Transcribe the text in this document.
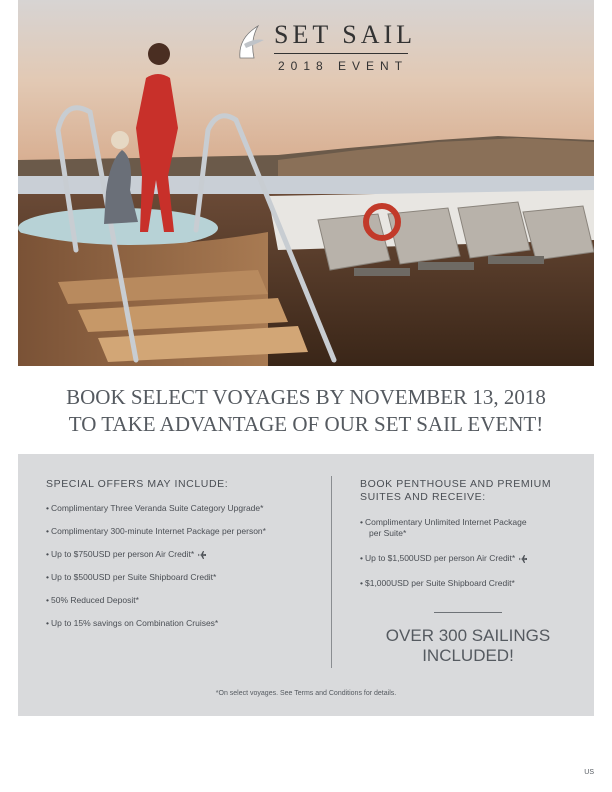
SET SAIL
2018 EVENT
BOOK SELECT VOYAGES BY NOVEMBER 13, 2018
TO TAKE ADVANTAGE OF OUR SET SAIL EVENT!
SPECIAL OFFERS MAY INCLUDE:
• Complimentary Three Veranda Suite Category Upgrade*
• Complimentary 300-minute Internet Package per person*
• Up to $750USD per person Air Credit*
• Up to $500USD per Suite Shipboard Credit*
• 50% Reduced Deposit*
• Up to 15% savings on Combination Cruises*
BOOK PENTHOUSE AND PREMIUM
SUITES AND RECEIVE:
• Complimentary Unlimited Internet Package
per Suite*
• Up to $1,500USD per person Air Credit*
• $1,000USD per Suite Shipboard Credit*
OVER 300 SAILINGS
INCLUDED!
*On select voyages. See Terms and Conditions for details.
US
